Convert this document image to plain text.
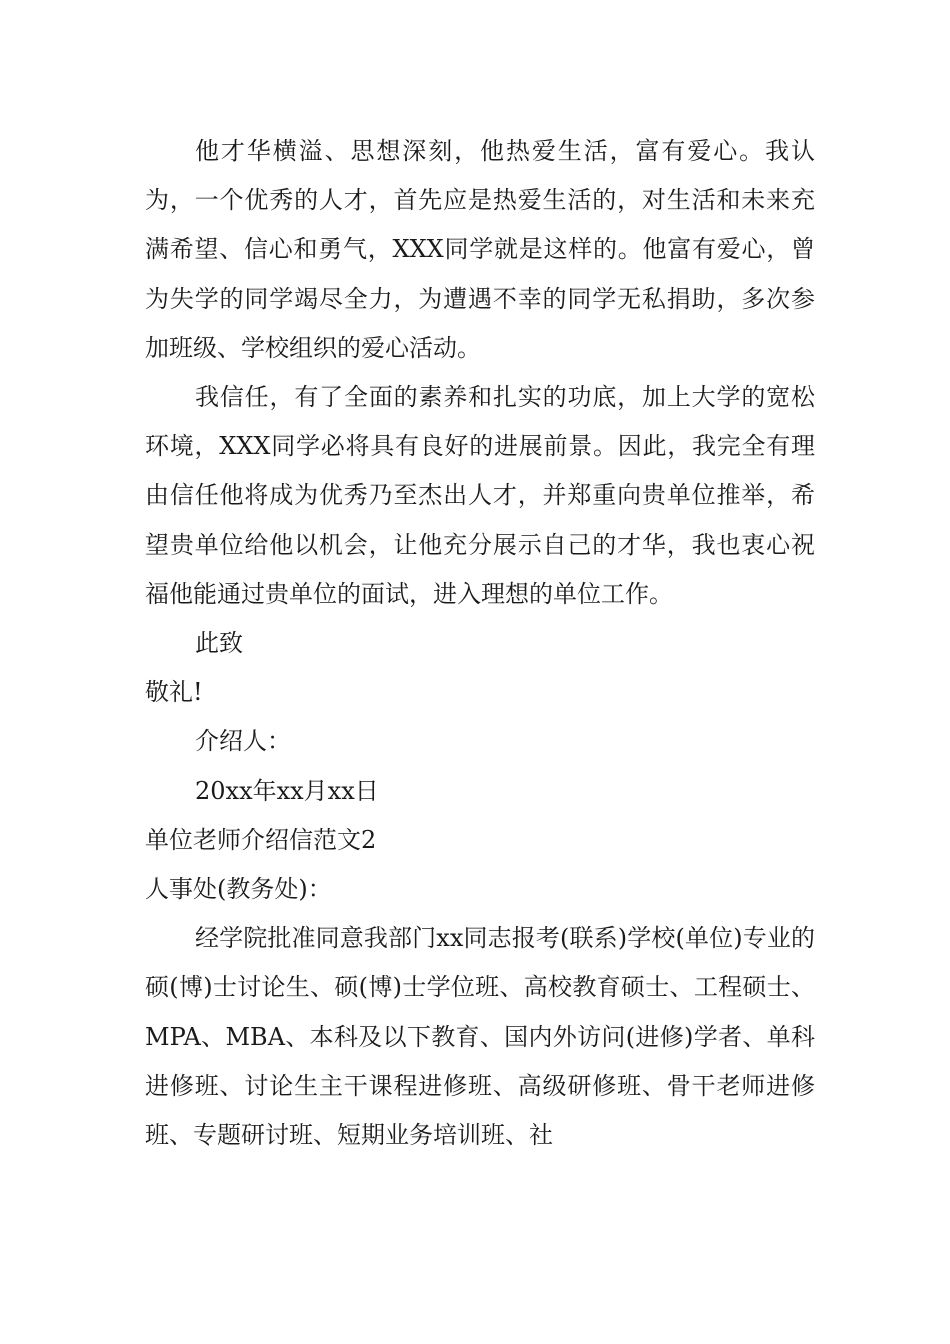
他才华横溢、思想深刻，他热爱生活，富有爱心。我认为，一个优秀的人才，首先应是热爱生活的，对生活和未来充满希望、信心和勇气，XXX同学就是这样的。他富有爱心，曾为失学的同学竭尽全力，为遭遇不幸的同学无私捐助，多次参加班级、学校组织的爱心活动。

我信任，有了全面的素养和扎实的功底，加上大学的宽松环境，XXX同学必将具有良好的进展前景。因此，我完全有理由信任他将成为优秀乃至杰出人才，并郑重向贵单位推举，希望贵单位给他以机会，让他充分展示自己的才华，我也衷心祝福他能通过贵单位的面试，进入理想的单位工作。

此致

敬礼!

介绍人：

20xx年xx月xx日

单位老师介绍信范文2

人事处(教务处)：

经学院批准同意我部门xx同志报考(联系)学校(单位)专业的硕(博)士讨论生、硕(博)士学位班、高校教育硕士、工程硕士、MPA、MBA、本科及以下教育、国内外访问(进修)学者、单科进修班、讨论生主干课程进修班、高级研修班、骨干老师进修班、专题研讨班、短期业务培训班、社
